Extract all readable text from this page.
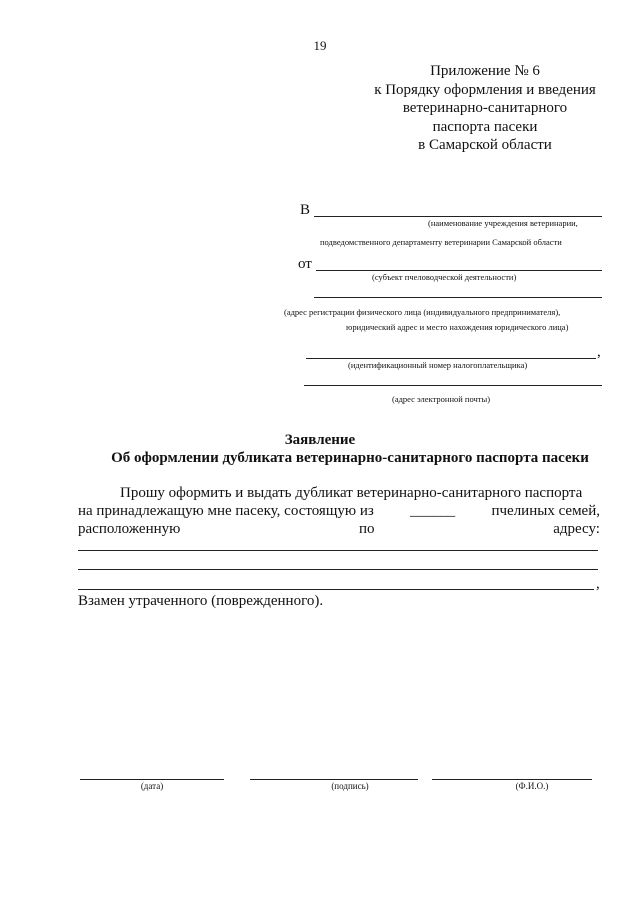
19
Приложение № 6
к Порядку оформления и введения
ветеринарно-санитарного
паспорта пасеки
в Самарской области
В
(наименование учреждения ветеринарии,
подведомственного департаменту ветеринарии Самарской области
от
(субъект пчеловодческой деятельности)
(адрес регистрации физического лица (индивидуального предпринимателя),
юридический адрес и место нахождения юридического лица)
,
(идентификационный номер налогоплательщика)
(адрес электронной почты)
Заявление
Об оформлении дубликата ветеринарно-санитарного паспорта пасеки
Прошу оформить и выдать дубликат ветеринарно-санитарного паспорта
на принадлежащую мне пасеку, состоящую из ______ пчелиных семей,
расположенную	по	адресу:
,
Взамен утраченного (поврежденного).
(дата)	(подпись)	(Ф.И.О.)
